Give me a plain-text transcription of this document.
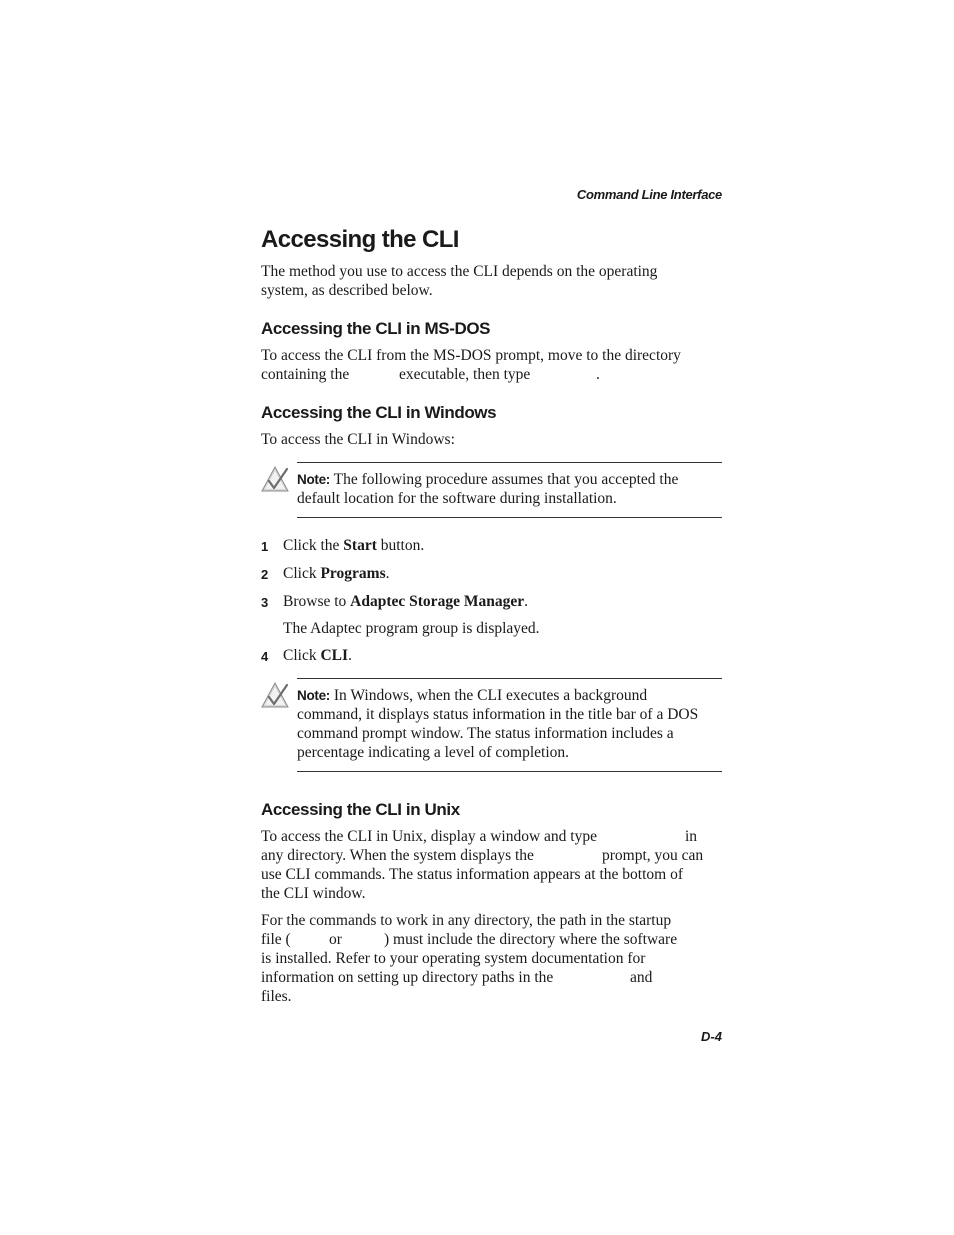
Command Line Interface
Accessing the CLI
The method you use to access the CLI depends on the operating
system, as described below.
Accessing the CLI in MS-DOS
To access the CLI from the MS-DOS prompt, move to the directory
containing the	executable, then type	.
Accessing the CLI in Windows
To access the CLI in Windows:
Note: The following procedure assumes that you accepted the
default location for the software during installation.
1 Click the Start button.
2 Click Programs.
3 Browse to Adaptec Storage Manager.
The Adaptec program group is displayed.
4 Click CLI.
Note: In Windows, when the CLI executes a background
command, it displays status information in the title bar of a DOS
command prompt window. The status information includes a
percentage indicating a level of completion.
Accessing the CLI in Unix
To access the CLI in Unix, display a window and type	in
any directory. When the system displays the	prompt, you can
use CLI commands. The status information appears at the bottom of
the CLI window.
For the commands to work in any directory, the path in the startup
file ( or	) must include the directory where the software
is installed. Refer to your operating system documentation for
information on setting up directory paths in the	and
files.
D-4
